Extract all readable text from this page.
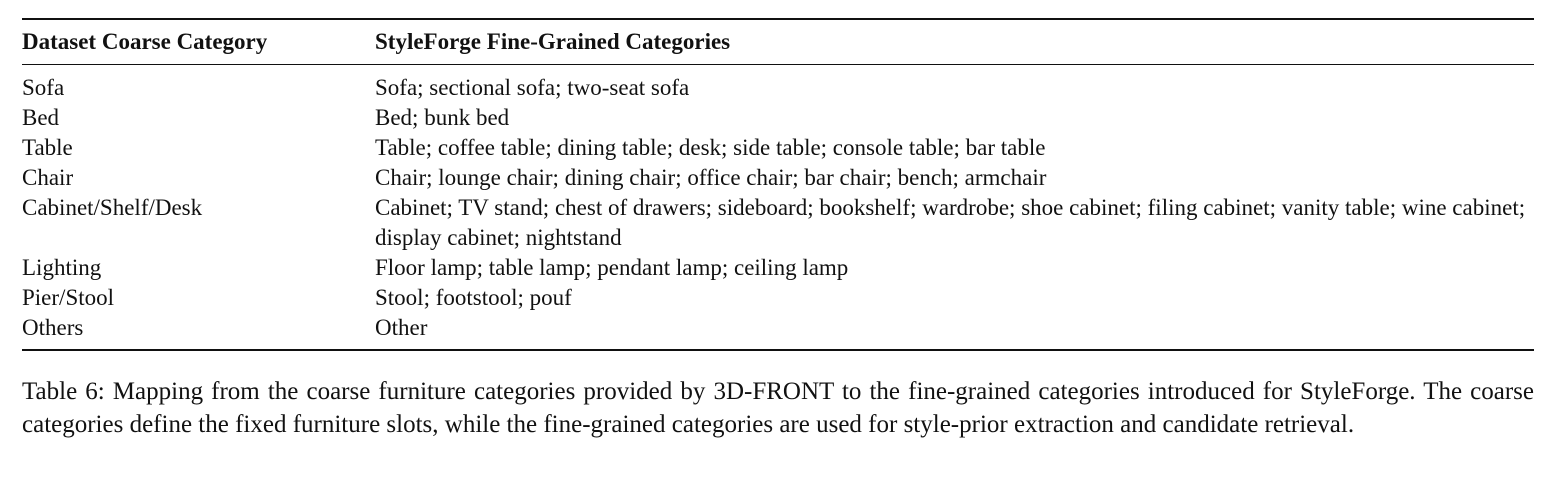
Dataset Coarse Category	StyleForge Fine-Grained Categories
Sofa	Sofa; sectional sofa; two-seat sofa
Bed	Bed; bunk bed
Table	Table; coffee table; dining table; desk; side table; console table; bar table
Chair	Chair; lounge chair; dining chair; office chair; bar chair; bench; armchair
Cabinet/Shelf/Desk	Cabinet; TV stand; chest of drawers; sideboard; bookshelf; wardrobe; shoe cabinet; filing cabinet; vanity table; wine cabinet; display cabinet; nightstand
Lighting	Floor lamp; table lamp; pendant lamp; ceiling lamp
Pier/Stool	Stool; footstool; pouf
Others	Other
Table 6: Mapping from the coarse furniture categories provided by 3D-FRONT to the fine-grained categories introduced for StyleForge. The coarse categories define the fixed furniture slots, while the fine-grained categories are used for style-prior extraction and candidate retrieval.
